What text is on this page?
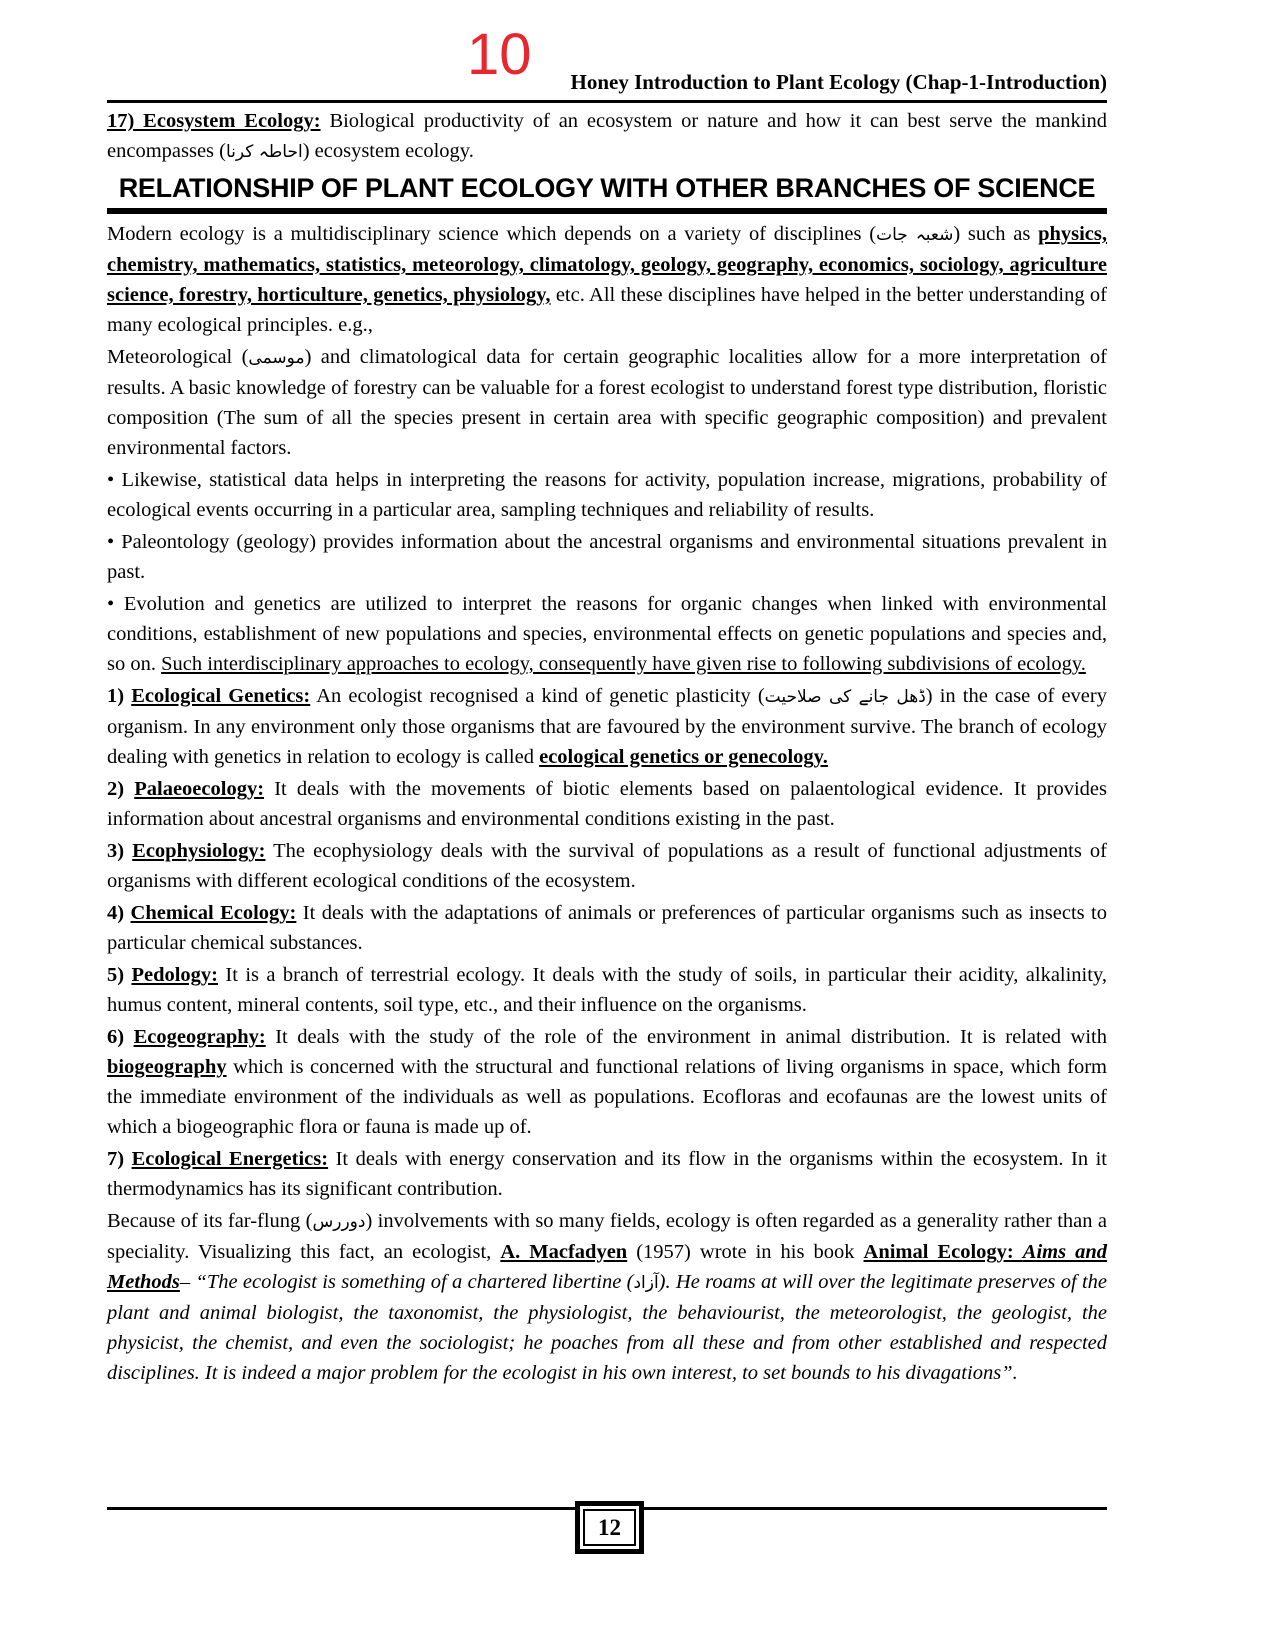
10 Honey Introduction to Plant Ecology (Chap-1-Introduction)
17) Ecosystem Ecology: Biological productivity of an ecosystem or nature and how it can best serve the mankind encompasses (احاطہ کرنا) ecosystem ecology.
RELATIONSHIP OF PLANT ECOLOGY WITH OTHER BRANCHES OF SCIENCE
Modern ecology is a multidisciplinary science which depends on a variety of disciplines (شعبہ جات) such as physics, chemistry, mathematics, statistics, meteorology, climatology, geology, geography, economics, sociology, agriculture science, forestry, horticulture, genetics, physiology, etc. All these disciplines have helped in the better understanding of many ecological principles. e.g.,
Meteorological (موسمی) and climatological data for certain geographic localities allow for a more interpretation of results. A basic knowledge of forestry can be valuable for a forest ecologist to understand forest type distribution, floristic composition (The sum of all the species present in certain area with specific geographic composition) and prevalent environmental factors.
• Likewise, statistical data helps in interpreting the reasons for activity, population increase, migrations, probability of ecological events occurring in a particular area, sampling techniques and reliability of results.
• Paleontology (geology) provides information about the ancestral organisms and environmental situations prevalent in past.
• Evolution and genetics are utilized to interpret the reasons for organic changes when linked with environmental conditions, establishment of new populations and species, environmental effects on genetic populations and species and, so on. Such interdisciplinary approaches to ecology, consequently have given rise to following subdivisions of ecology.
1) Ecological Genetics: An ecologist recognised a kind of genetic plasticity (ڈھل جانے کی صلاحیت) in the case of every organism. In any environment only those organisms that are favoured by the environment survive. The branch of ecology dealing with genetics in relation to ecology is called ecological genetics or genecology.
2) Palaeoecology: It deals with the movements of biotic elements based on palaentological evidence. It provides information about ancestral organisms and environmental conditions existing in the past.
3) Ecophysiology: The ecophysiology deals with the survival of populations as a result of functional adjustments of organisms with different ecological conditions of the ecosystem.
4) Chemical Ecology: It deals with the adaptations of animals or preferences of particular organisms such as insects to particular chemical substances.
5) Pedology: It is a branch of terrestrial ecology. It deals with the study of soils, in particular their acidity, alkalinity, humus content, mineral contents, soil type, etc., and their influence on the organisms.
6) Ecogeography: It deals with the study of the role of the environment in animal distribution. It is related with biogeography which is concerned with the structural and functional relations of living organisms in space, which form the immediate environment of the individuals as well as populations. Ecofloras and ecofaunas are the lowest units of which a biogeographic flora or fauna is made up of.
7) Ecological Energetics: It deals with energy conservation and its flow in the organisms within the ecosystem. In it thermodynamics has its significant contribution.
Because of its far-flung (دوررس) involvements with so many fields, ecology is often regarded as a generality rather than a speciality. Visualizing this fact, an ecologist, A. Macfadyen (1957) wrote in his book Animal Ecology: Aims and Methods– “The ecologist is something of a chartered libertine (آزاد). He roams at will over the legitimate preserves of the plant and animal biologist, the taxonomist, the physiologist, the behaviourist, the meteorologist, the geologist, the physicist, the chemist, and even the sociologist; he poaches from all these and from other established and respected disciplines. It is indeed a major problem for the ecologist in his own interest, to set bounds to his divagations”.
12
